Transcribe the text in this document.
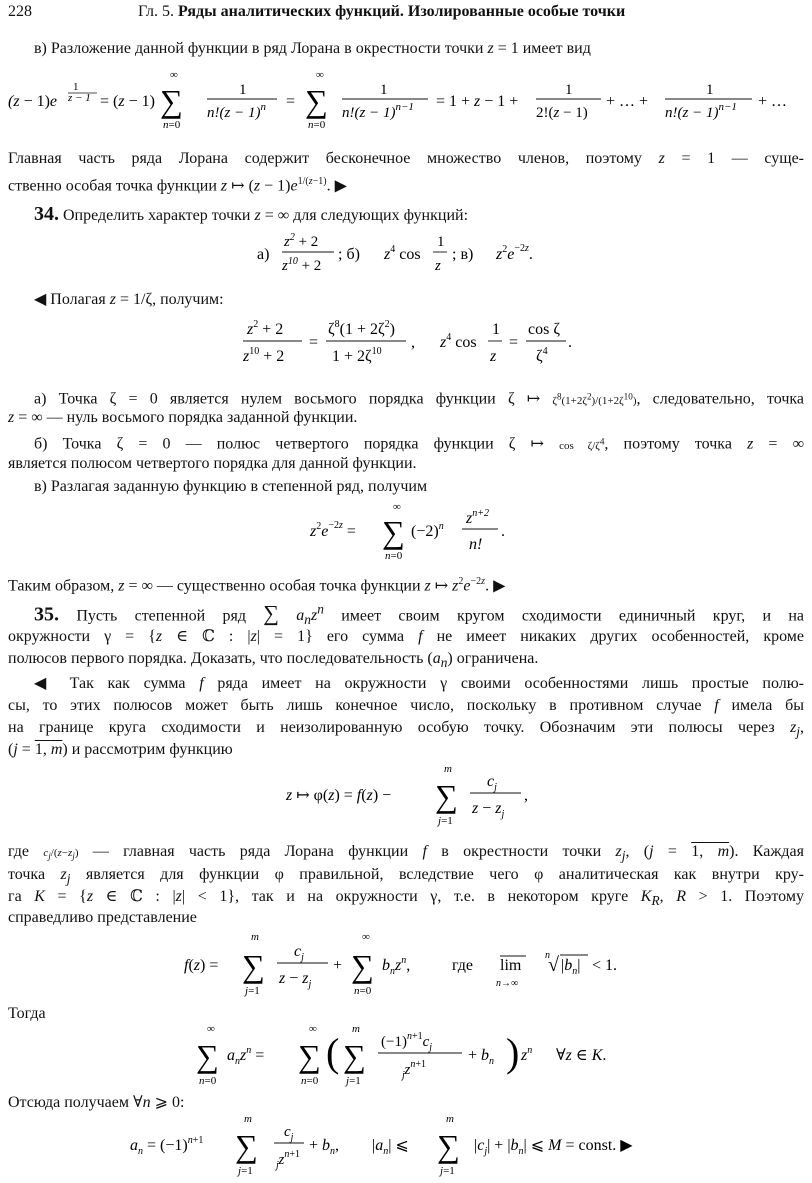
228	Гл. 5. Ряды аналитических функций. Изолированные особые точки
в) Разложение данной функции в ряд Лорана в окрестности точки z = 1 имеет вид
(z − 1)e
1
z − 1 = (z − 1)
∞
∑
n=0
1
$n!(z - 1)^n$ =
∞
∑
n=0
1
$n!(z - 1)^{n-1} = 1 + z - 1$ +
1
2!(z − 1)
+ … +
1
$n!(z - 1)^{n-1}$ + …
Главная часть ряда Лорана содержит бесконечное множество членов, поэтому z = 1 — суще-
ственно особая точка функции z ↦ $(z - 1)e^{1/(z-1)}$. ▶
34. Определить характер точки z = ∞ для следующих функций:
а)
$z^2 + 2$
$z^{10} + 2$
; б) $z^4$ cos
1
z
; в) $z^2e^{-2z}$.
◀ Полагая z = 1/ζ, получим:
$z^2 + 2$
$z^{10} + 2$
=
$\zeta^8(1 + 2\zeta^2)$
$1 + 2\zeta^{10}$
, $z^4$ cos
1
z
=
cos ζ
$\zeta^4$
.
а) Точка ζ = 0 является нулем восьмого порядка функции ζ ↦ $\zeta^8(1+2\zeta^2)/(1+2\zeta^{10})$, следовательно, точка
z = ∞ — нуль восьмого порядка заданной функции.
б) Точка ζ = 0 — полюс четвертого порядка функции ζ ↦ $\cos \zeta/\zeta^4$, поэтому точка z = ∞
является полюсом четвертого порядка для данной функции.
в) Разлагая заданную функцию в степенной ряд, получим
$z^2e^{-2z}$ =
∞
∑
n=0
$(-2)^n$ $z^{n+2}$
n!
.
Таким образом, z = ∞ — существенно особая точка функции z ↦ $z^2e^{-2z}$. ▶
35. Пусть степенной ряд ∑ $a_nz^n$ имеет своим кругом сходимости единичный круг, и на
окружности γ = {z ∈ ℂ : |z| = 1} его сумма f не имеет никаких других особенностей, кроме
полюсов первого порядка. Доказать, что последовательность $(a_n)$ ограничена.
◀ Так как сумма f ряда имеет на окружности γ своими особенностями лишь простые полю-
сы, то этих полюсов может быть лишь конечное число, поскольку в противном случае f имела бы
на границе круга сходимости и неизолированную особую точку. Обозначим эти полюсы через $z_j$,
(j = 1, m) и рассмотрим функцию
z ↦ φ(z) = f(z) −
m
∑
j=1
$c_j$
$z - z_j$
,
где $c_j/(z-z_j)$ — главная часть ряда Лорана функции f в окрестности точки $z_j$, (j = 1, m). Каждая
точка $z_j$ является для функции φ правильной, вследствие чего φ аналитическая как внутри кру-
га K = {z ∈ ℂ : |z| < 1}, так и на окружности γ, т.е. в некотором круге $K_R$, R > 1. Поэтому
справедливо представление
f(z) =
m
∑
j=1
$c_j$
$z - z_j$
+
∞
∑
n=0
$b_nz^n$,	где lim
n→∞
n
√ $|b_n| < 1$.
Тогда
∞
∑
n=0
$a_nz^n$ =
∞
∑
n=0
(
m
∑
j=1
$(-1)^n+1c_j$
$z^n+1$ j
+ $b_n$ ) $z^n$ ∀z ∈ K.
Отсюда получаем ∀n ⩾ 0:
$a_n = (-1)^n+1$
m
∑
j=1
$c_j$
$z^n+1$ j
+ $b_n$, $|a_n|$ ⩽
m
∑
j=1
$|c_j| + |b_n|$ ⩽ M = const. ▶
